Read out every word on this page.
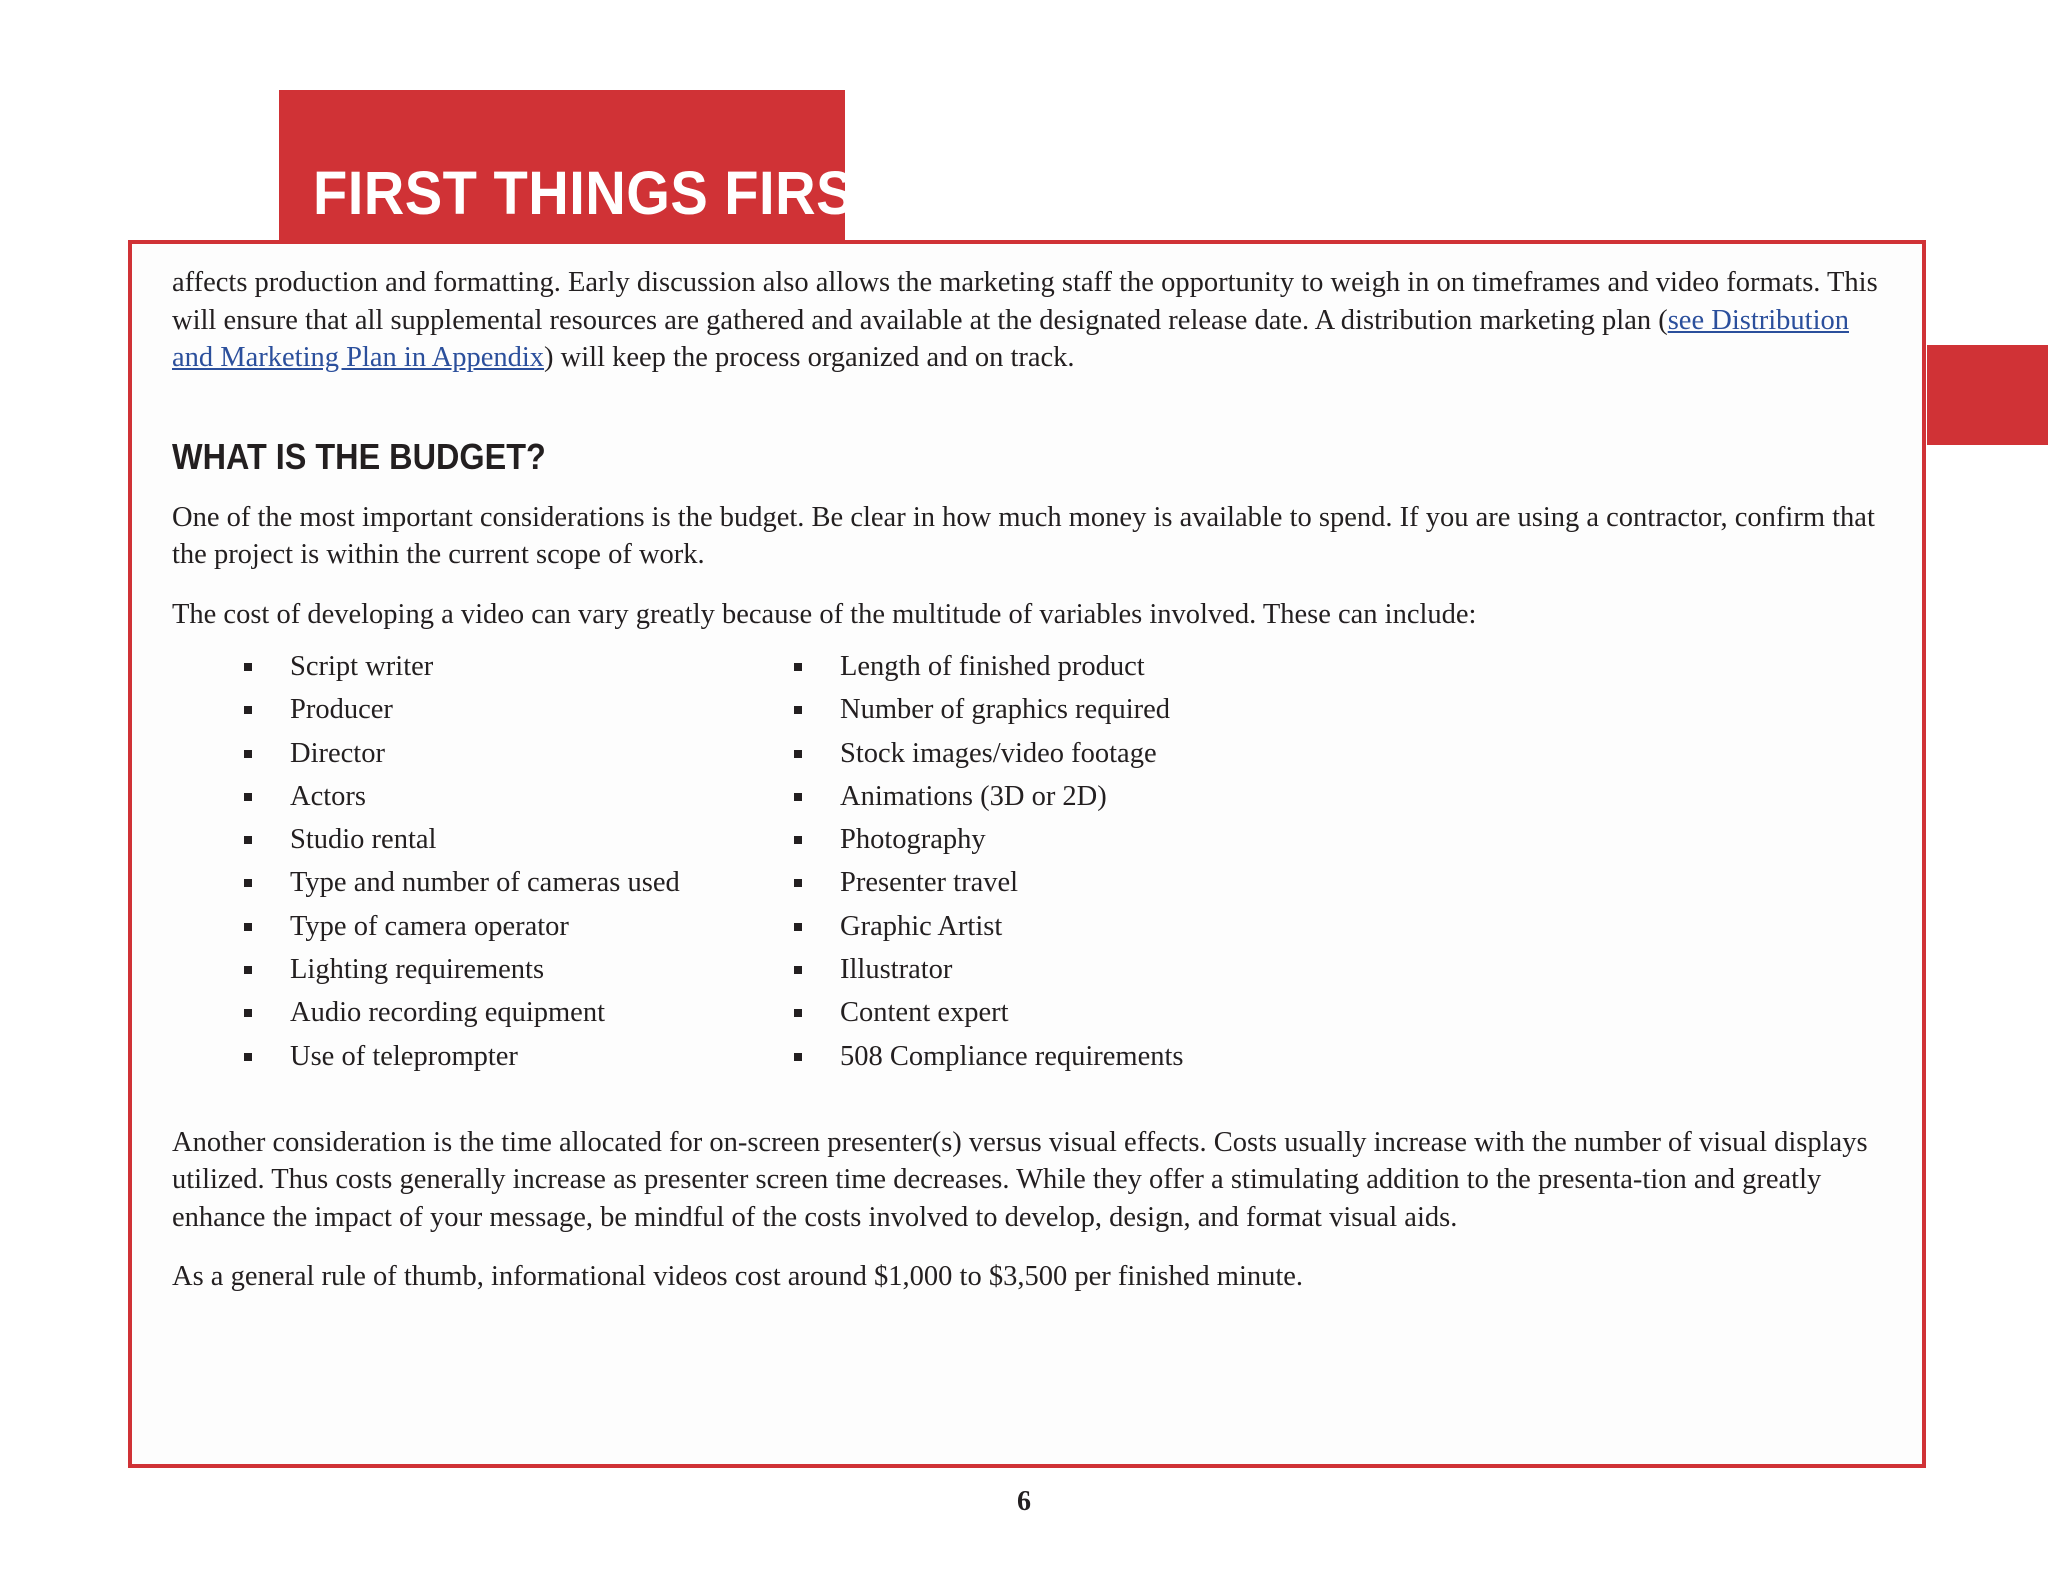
FIRST THINGS FIRST

affects production and formatting. Early discussion also allows the marketing staff the opportunity to weigh in on timeframes and video formats. This will ensure that all supplemental resources are gathered and available at the designated release date. A distribution marketing plan (see Distribution and Marketing Plan in Appendix) will keep the process organized and on track.

WHAT IS THE BUDGET?

One of the most important considerations is the budget. Be clear in how much money is available to spend. If you are using a contractor, confirm that the project is within the current scope of work.

The cost of developing a video can vary greatly because of the multitude of variables involved. These can include:

Script writer
Producer
Director
Actors
Studio rental
Type and number of cameras used
Type of camera operator
Lighting requirements
Audio recording equipment
Use of teleprompter
Length of finished product
Number of graphics required
Stock images/video footage
Animations (3D or 2D)
Photography
Presenter travel
Graphic Artist
Illustrator
Content expert
508 Compliance requirements

Another consideration is the time allocated for on-screen presenter(s) versus visual effects. Costs usually increase with the number of visual displays utilized. Thus costs generally increase as presenter screen time decreases. While they offer a stimulating addition to the presenta-tion and greatly enhance the impact of your message, be mindful of the costs involved to develop, design, and format visual aids.

As a general rule of thumb, informational videos cost around $1,000 to $3,500 per finished minute.

6
